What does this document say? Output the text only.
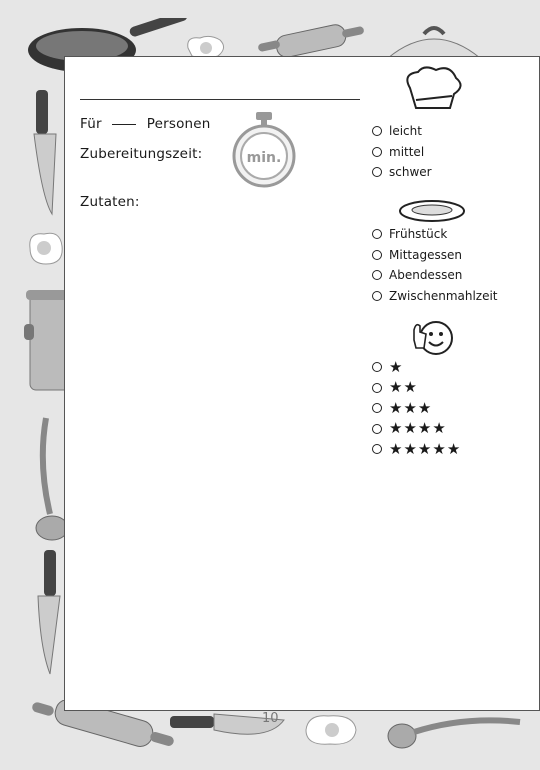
Für	Personen
Zubereitungszeit:
Zutaten:
min.
leicht
mittel
schwer
Frühstück
Mittagessen
Abendessen
Zwischenmahlzeit
★
★ ★
★ ★ ★
★ ★ ★ ★
★ ★ ★ ★ ★
10
